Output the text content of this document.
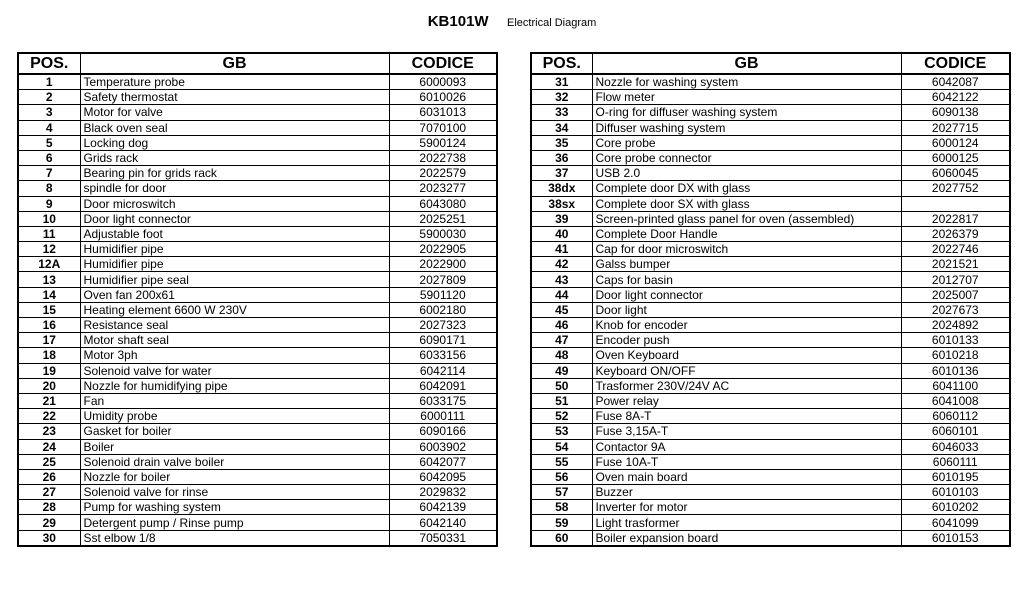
KB101W Electrical Diagram
POS.	GB	CODICE
1	Temperature probe	6000093
2	Safety thermostat	6010026
3	Motor for valve	6031013
4	Black oven seal	7070100
5	Locking dog	5900124
6	Grids rack	2022738
7	Bearing pin for grids rack	2022579
8	spindle for door	2023277
9	Door microswitch	6043080
10	Door light connector	2025251
11	Adjustable foot	5900030
12	Humidifier pipe	2022905
12A	Humidifier pipe	2022900
13	Humidifier pipe seal	2027809
14	Oven fan 200x61	5901120
15	Heating element 6600 W 230V	6002180
16	Resistance seal	2027323
17	Motor shaft seal	6090171
18	Motor 3ph	6033156
19	Solenoid valve for water	6042114
20	Nozzle for humidifying pipe	6042091
21	Fan	6033175
22	Umidity probe	6000111
23	Gasket for boiler	6090166
24	Boiler	6003902
25	Solenoid drain valve boiler	6042077
26	Nozzle for boiler	6042095
27	Solenoid valve for rinse	2029832
28	Pump for washing system	6042139
29	Detergent pump / Rinse pump	6042140
30	Sst elbow 1/8	7050331
POS.	GB	CODICE
31	Nozzle for washing system	6042087
32	Flow meter	6042122
33	O-ring for diffuser washing system	6090138
34	Diffuser washing system	2027715
35	Core probe	6000124
36	Core probe connector	6000125
37	USB 2.0	6060045
38dx	Complete door DX with glass	2027752
38sx	Complete door SX with glass	
39	Screen-printed glass panel for oven (assembled)	2022817
40	Complete Door Handle	2026379
41	Cap for door microswitch	2022746
42	Galss bumper	2021521
43	Caps for basin	2012707
44	Door light connector	2025007
45	Door light	2027673
46	Knob for encoder	2024892
47	Encoder push	6010133
48	Oven Keyboard	6010218
49	Keyboard ON/OFF	6010136
50	Trasformer 230V/24V AC	6041100
51	Power relay	6041008
52	Fuse 8A-T	6060112
53	Fuse 3,15A-T	6060101
54	Contactor 9A	6046033
55	Fuse 10A-T	6060111
56	Oven main board	6010195
57	Buzzer	6010103
58	Inverter for motor	6010202
59	Light trasformer	6041099
60	Boiler expansion board	6010153
